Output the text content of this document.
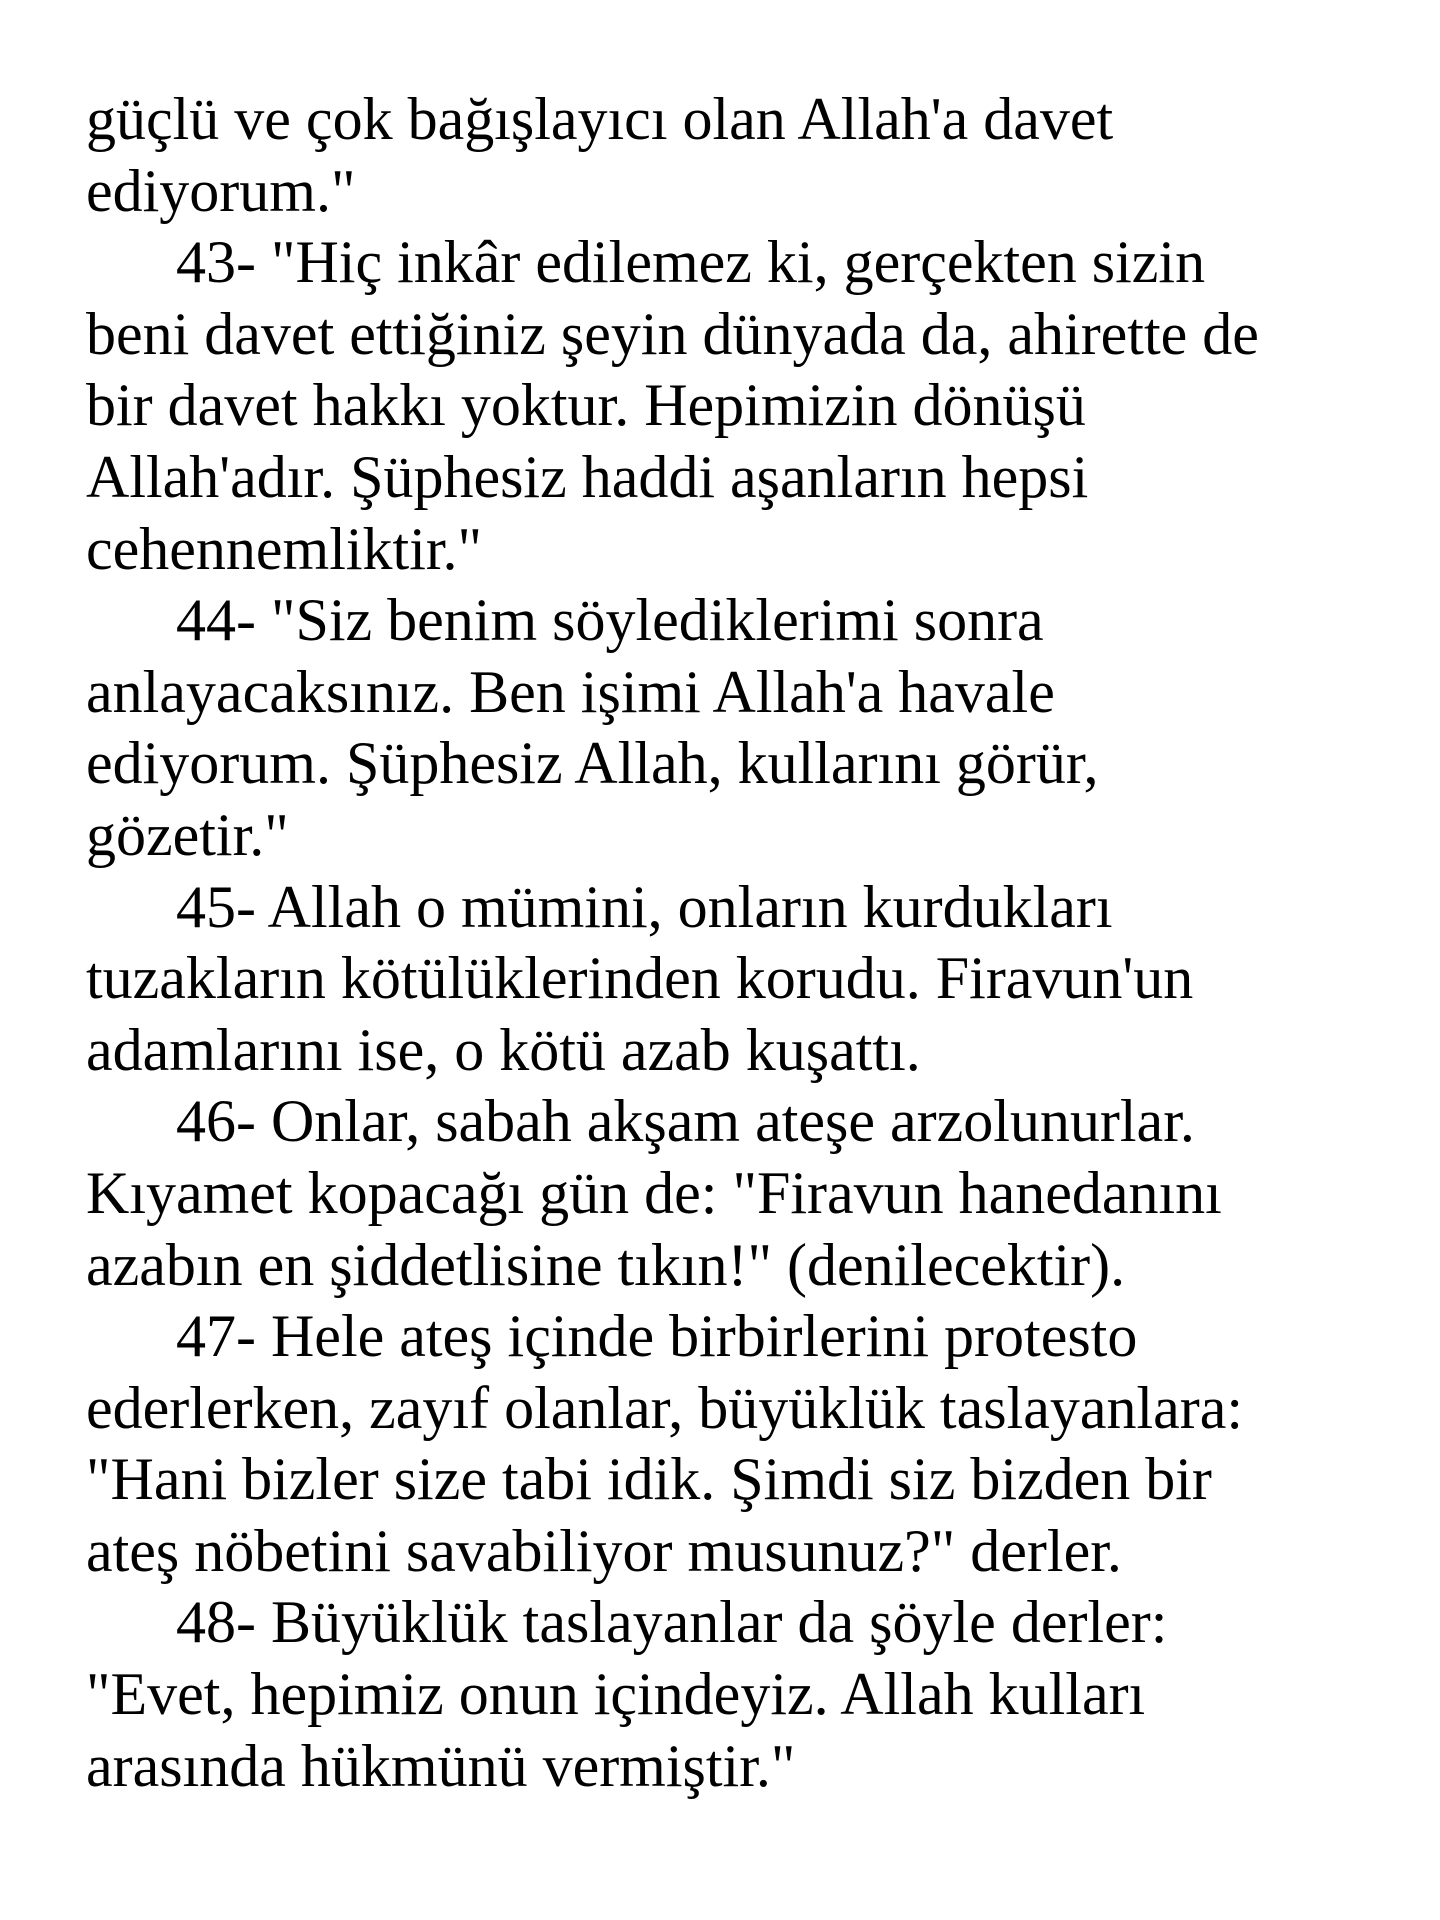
güçlü ve çok bağışlayıcı olan Allah'a davet
ediyorum."

43- "Hiç inkâr edilemez ki, gerçekten sizin
beni davet ettiğiniz şeyin dünyada da, ahirette de
bir davet hakkı yoktur. Hepimizin dönüşü
Allah'adır. Şüphesiz haddi aşanların hepsi
cehennemliktir."

44- "Siz benim söylediklerimi sonra
anlayacaksınız. Ben işimi Allah'a havale
ediyorum. Şüphesiz Allah, kullarını görür,
gözetir."

45- Allah o mümini, onların kurdukları
tuzakların kötülüklerinden korudu. Firavun'un
adamlarını ise, o kötü azab kuşattı.

46- Onlar, sabah akşam ateşe arzolunurlar.
Kıyamet kopacağı gün de: "Firavun hanedanını
azabın en şiddetlisine tıkın!" (denilecektir).

47- Hele ateş içinde birbirlerini protesto
ederlerken, zayıf olanlar, büyüklük taslayanlara:
"Hani bizler size tabi idik. Şimdi siz bizden bir
ateş nöbetini savabiliyor musunuz?" derler.

48- Büyüklük taslayanlar da şöyle derler:
"Evet, hepimiz onun içindeyiz. Allah kulları
arasında hükmünü vermiştir."
